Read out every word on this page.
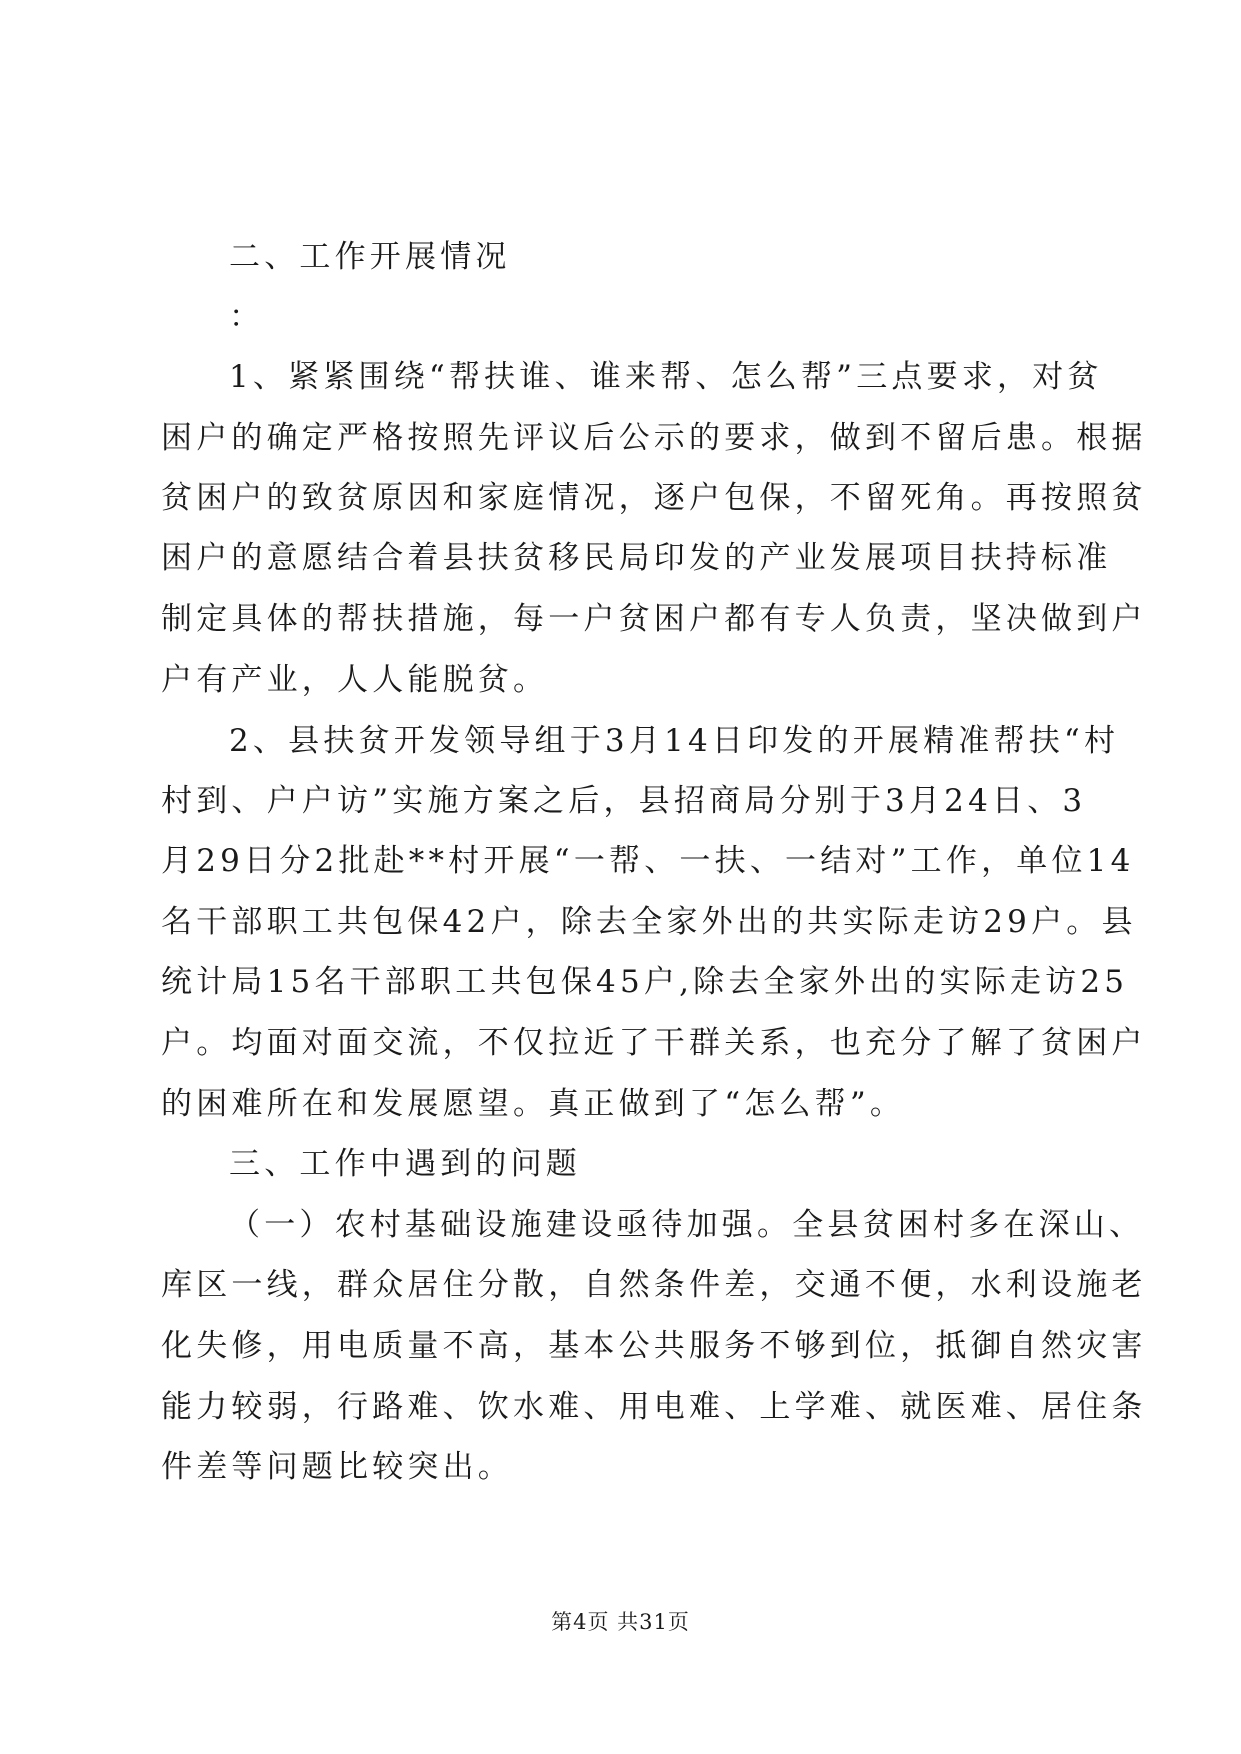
二、工作开展情况
：
1、紧紧围绕“帮扶谁、谁来帮、怎么帮”三点要求，对贫
困户的确定严格按照先评议后公示的要求，做到不留后患。根据
贫困户的致贫原因和家庭情况，逐户包保，不留死角。再按照贫
困户的意愿结合着县扶贫移民局印发的产业发展项目扶持标准
制定具体的帮扶措施，每一户贫困户都有专人负责，坚决做到户
户有产业，人人能脱贫。
2、县扶贫开发领导组于3月14日印发的开展精准帮扶“村
村到、户户访”实施方案之后，县招商局分别于3月24日、3
月29日分2批赴**村开展“一帮、一扶、一结对”工作，单位14
名干部职工共包保42户，除去全家外出的共实际走访29户。县
统计局15名干部职工共包保45户,除去全家外出的实际走访25
户。均面对面交流，不仅拉近了干群关系，也充分了解了贫困户
的困难所在和发展愿望。真正做到了“怎么帮”。
三、工作中遇到的问题
（一）农村基础设施建设亟待加强。全县贫困村多在深山、
库区一线，群众居住分散，自然条件差，交通不便，水利设施老
化失修，用电质量不高，基本公共服务不够到位，抵御自然灾害
能力较弱，行路难、饮水难、用电难、上学难、就医难、居住条
件差等问题比较突出。
第4页 共31页
